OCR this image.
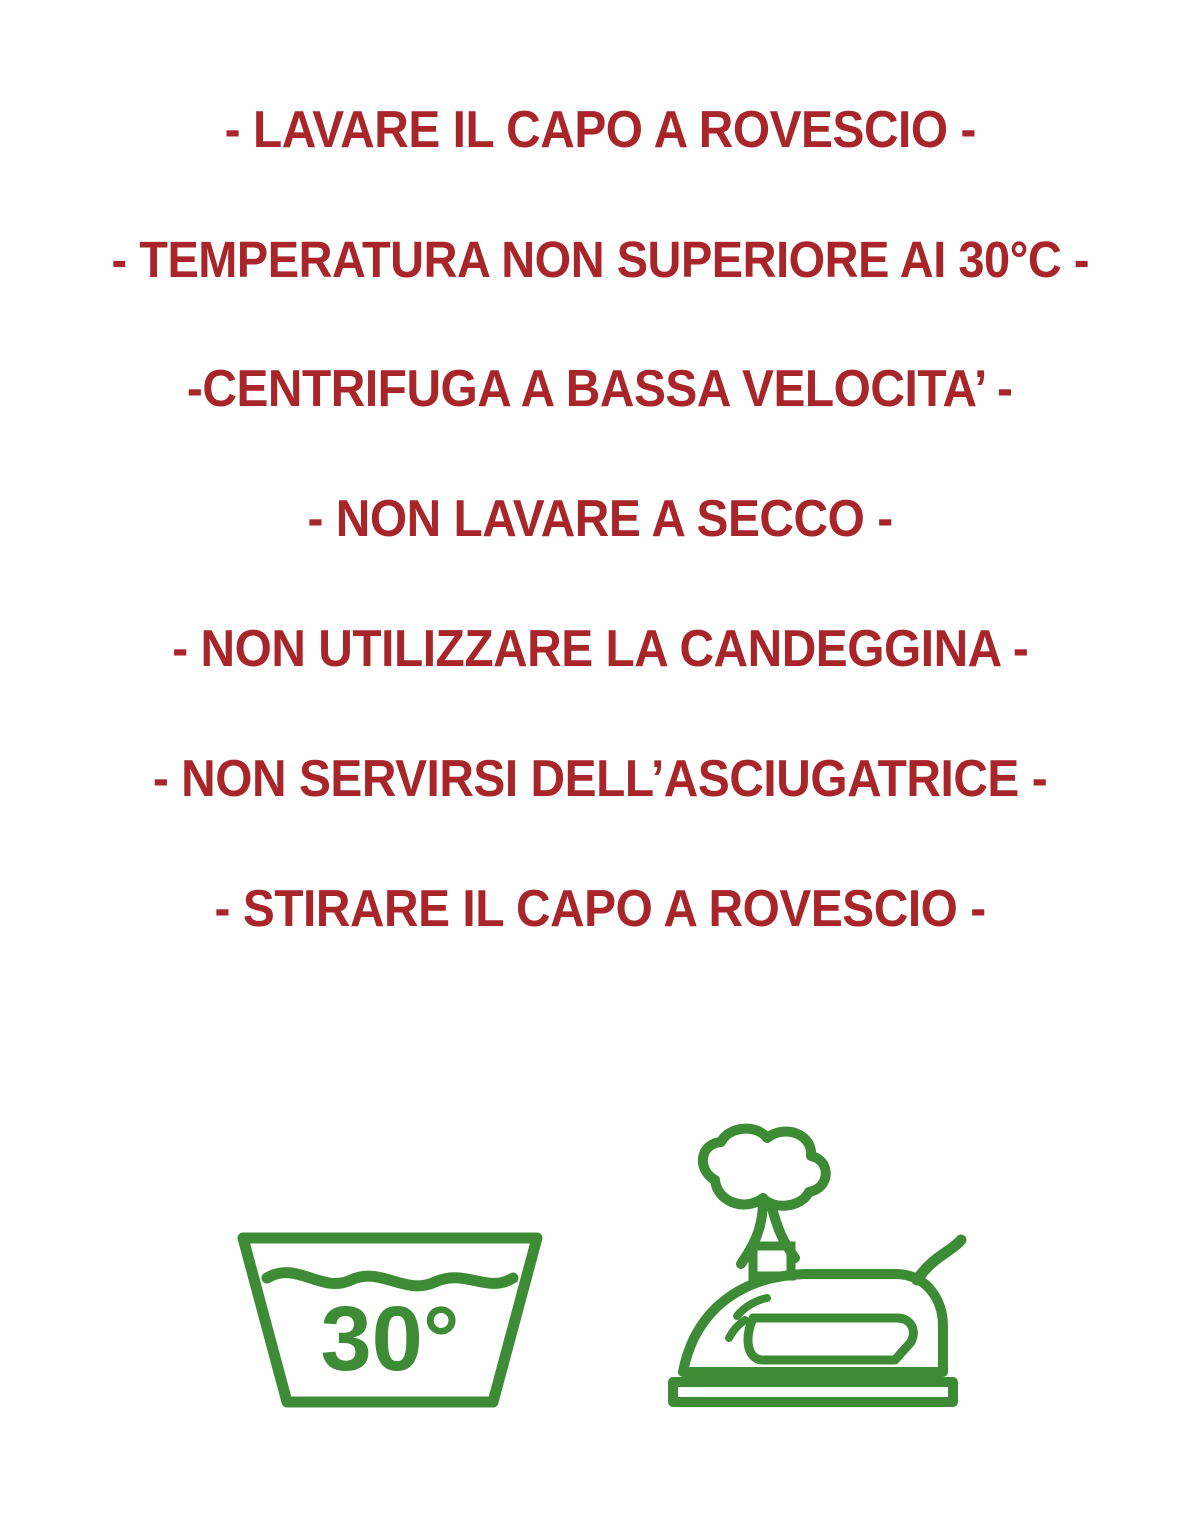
- LAVARE IL CAPO A ROVESCIO -

- TEMPERATURA NON SUPERIORE AI 30°C -

-CENTRIFUGA A BASSA VELOCITA’ -

- NON LAVARE A SECCO -

- NON UTILIZZARE LA CANDEGGINA -

- NON SERVIRSI DELL’ASCIUGATRICE -

- STIRARE IL CAPO A ROVESCIO -

30°
